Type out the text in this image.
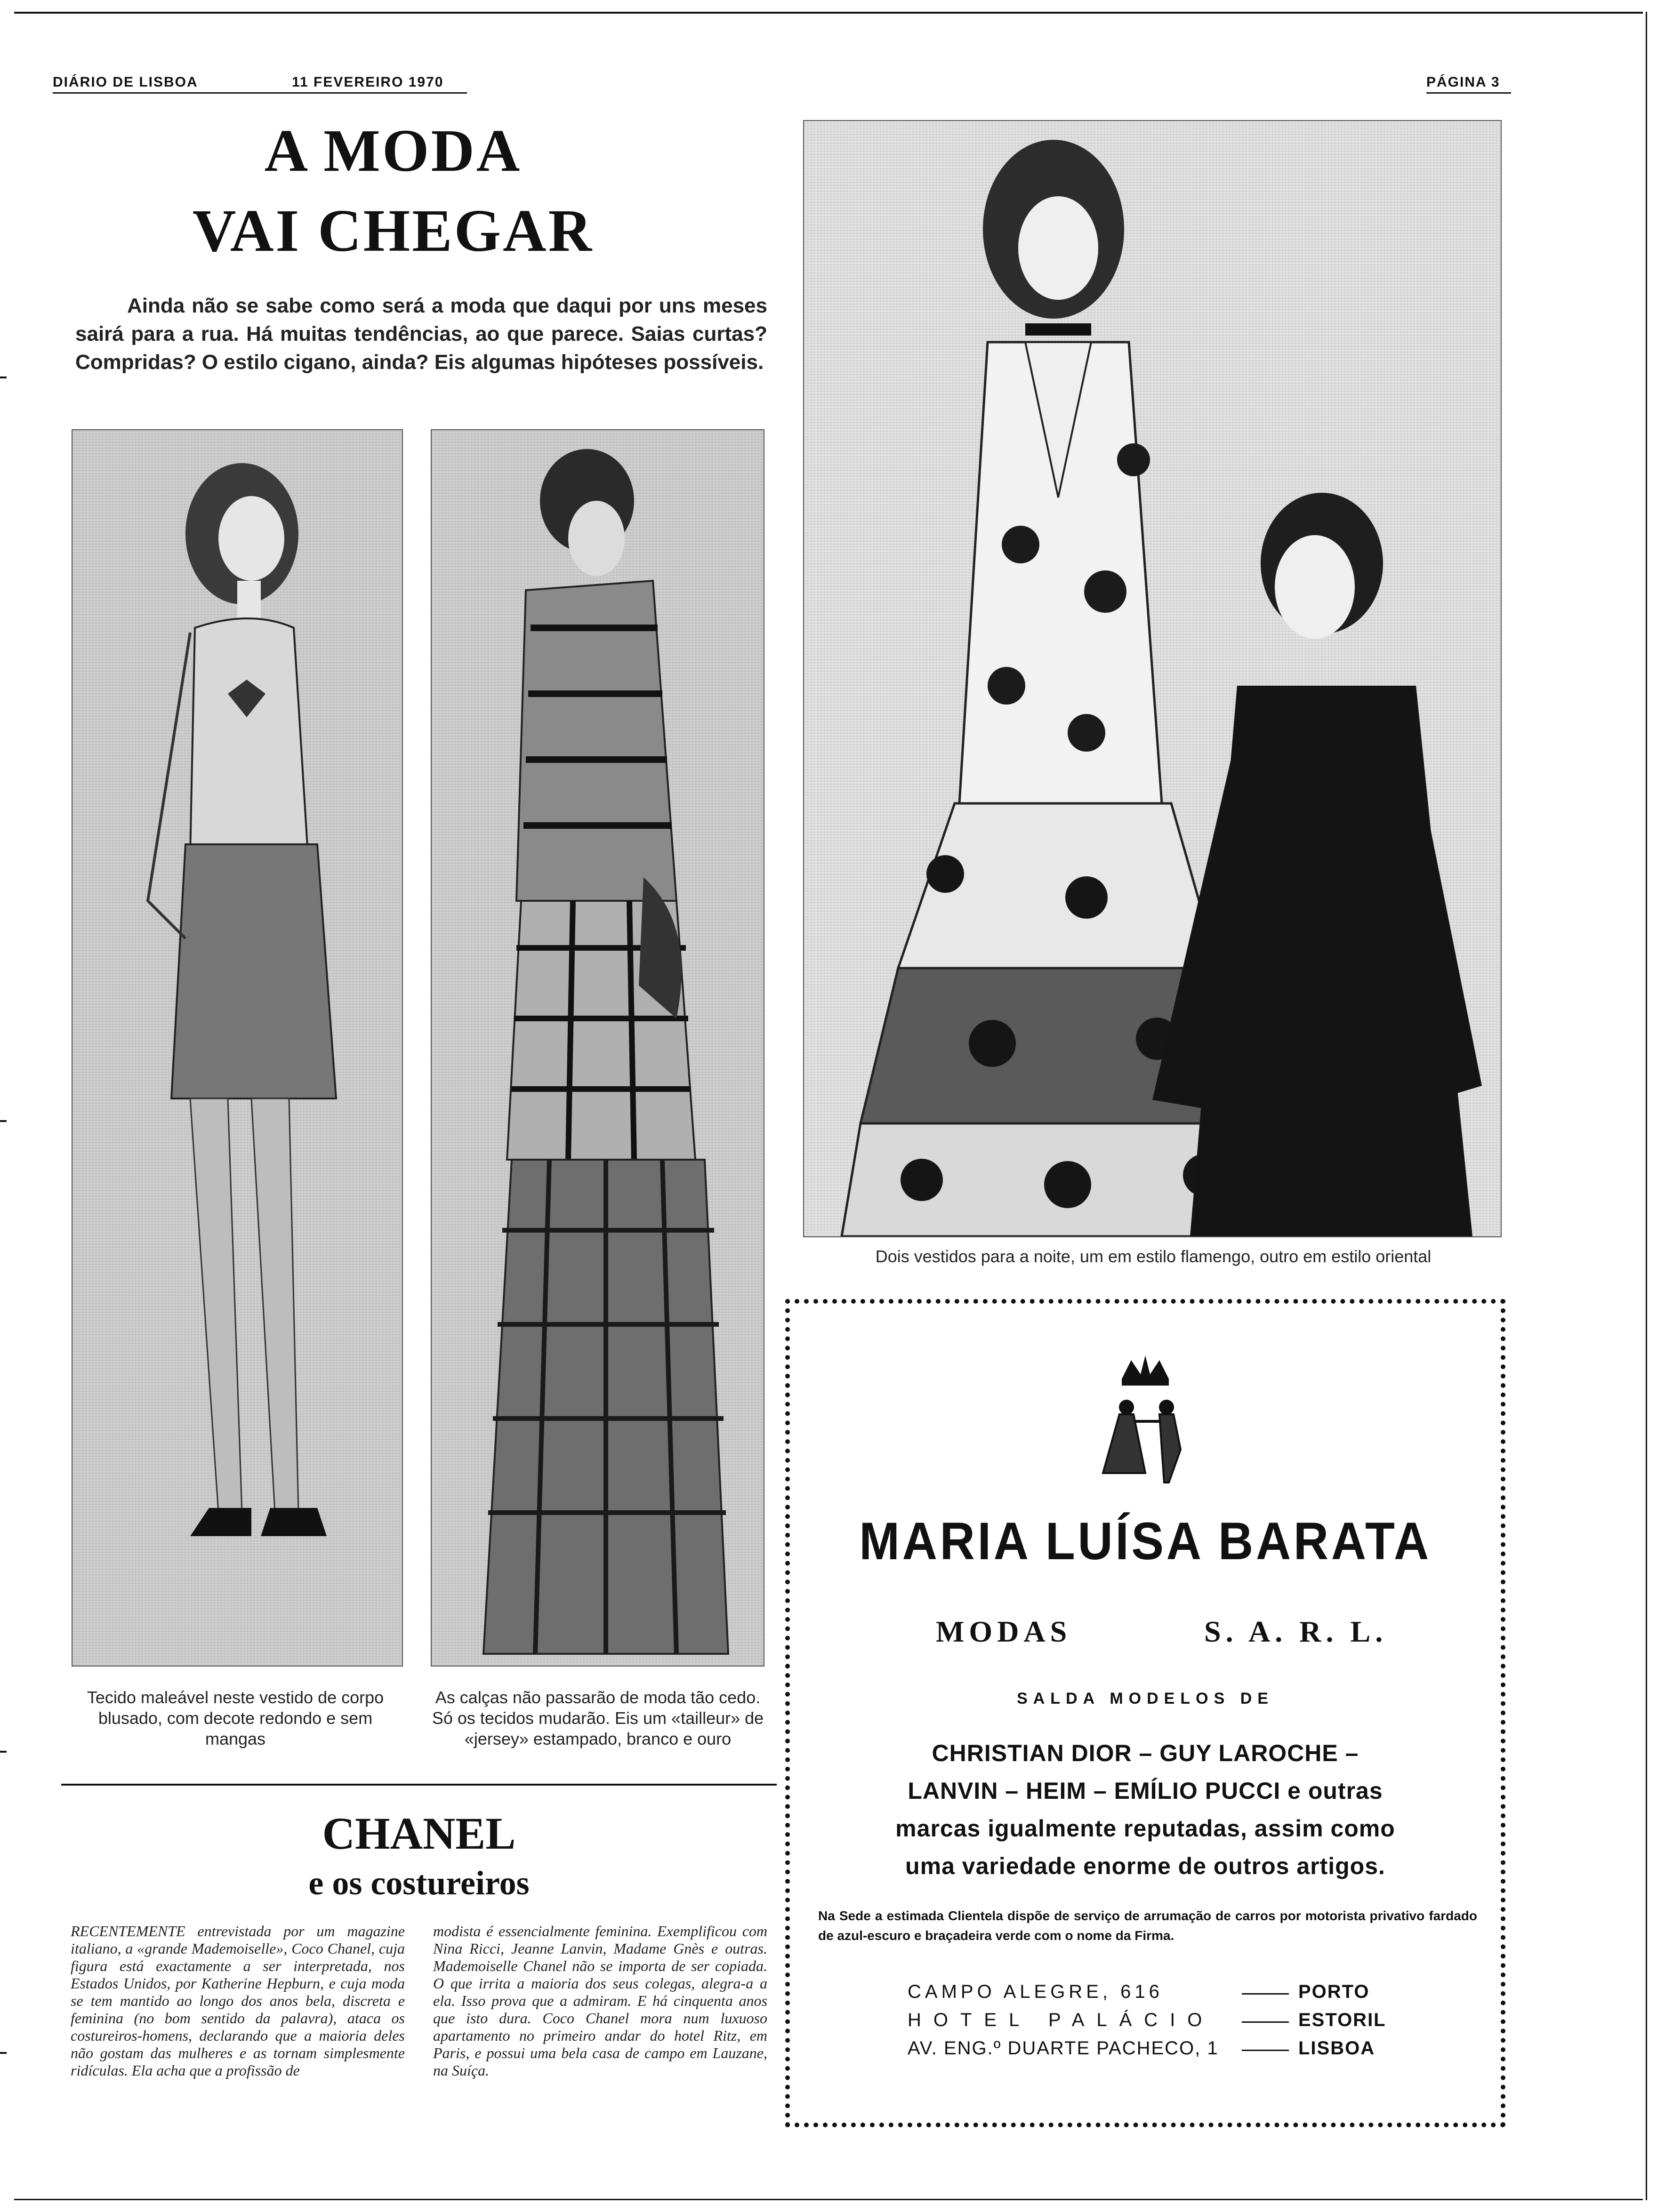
DIÁRIO DE LISBOA	11 FEVEREIRO 1970	PÁGINA 3
A MODA
VAI CHEGAR
Ainda não se sabe como será a moda que daqui por uns meses sairá para a rua. Há muitas tendências, ao que parece. Saias curtas? Compridas? O estilo cigano, ainda? Eis algumas hipóteses possíveis.
Tecido maleável neste vestido de corpo blusado, com decote redondo e sem mangas
As calças não passarão de moda tão cedo. Só os tecidos mudarão. Eis um «tailleur» de «jersey» estampado, branco e ouro
Dois vestidos para a noite, um em estilo flamengo, outro em estilo oriental
CHANEL
e os costureiros
RECENTEMENTE entrevistada por um magazine italiano, a «grande Mademoiselle», Coco Chanel, cuja figura está exactamente a ser interpretada, nos Estados Unidos, por Katherine Hepburn, e cuja moda se tem mantido ao longo dos anos bela, discreta e feminina (no bom sentido da palavra), ataca os costureiros-homens, declarando que a maioria deles não gostam das mulheres e as tornam simplesmente ridículas. Ela acha que a profissão de
modista é essencialmente feminina. Exemplificou com Nina Ricci, Jeanne Lanvin, Madame Gnès e outras. Mademoiselle Chanel não se importa de ser copiada. O que irrita a maioria dos seus colegas, alegra-a a ela. Isso prova que a admiram. E há cinquenta anos que isto dura. Coco Chanel mora num luxuoso apartamento no primeiro andar do hotel Ritz, em Paris, e possui uma bela casa de campo em Lauzane, na Suíça.
MARIA LUÍSA BARATA
MODAS	S. A. R. L.
SALDA MODELOS DE
CHRISTIAN DIOR – GUY LAROCHE –
LANVIN – HEIM – EMÍLIO PUCCI e outras
marcas igualmente reputadas, assim como
uma variedade enorme de outros artigos.
Na Sede a estimada Clientela dispõe de serviço de arrumação de carros por motorista privativo fardado de azul-escuro e braçadeira verde com o nome da Firma.
CAMPO ALEGRE, 616	PORTO
HOTEL PALÁCIO	ESTORIL
AV. ENG.º DUARTE PACHECO, 1	LISBOA
